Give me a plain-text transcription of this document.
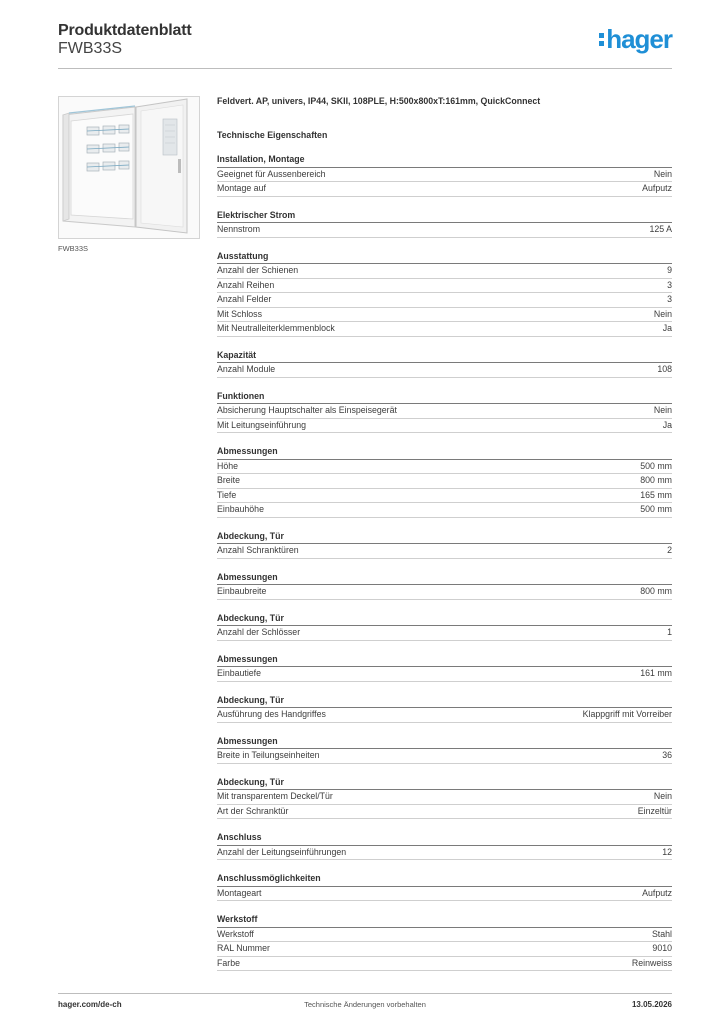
Produktdatenblatt
FWB33S	hager
FWB33S
Feldvert. AP, univers, IP44, SKII, 108PLE, H:500x800xT:161mm, QuickConnect
Technische Eigenschaften
Installation, Montage
Geeignet für Aussenbereich	Nein
Montage auf	Aufputz
Elektrischer Strom
Nennstrom	125 A
Ausstattung
Anzahl der Schienen	9
Anzahl Reihen	3
Anzahl Felder	3
Mit Schloss	Nein
Mit Neutralleiterklemmenblock	Ja
Kapazität
Anzahl Module	108
Funktionen
Absicherung Hauptschalter als Einspeisegerät	Nein
Mit Leitungseinführung	Ja
Abmessungen
Höhe	500 mm
Breite	800 mm
Tiefe	165 mm
Einbauhöhe	500 mm
Abdeckung, Tür
Anzahl Schranktüren	2
Abmessungen
Einbaubreite	800 mm
Abdeckung, Tür
Anzahl der Schlösser	1
Abmessungen
Einbautiefe	161 mm
Abdeckung, Tür
Ausführung des Handgriffes	Klappgriff mit Vorreiber
Abmessungen
Breite in Teilungseinheiten	36
Abdeckung, Tür
Mit transparentem Deckel/Tür	Nein
Art der Schranktür	Einzeltür
Anschluss
Anzahl der Leitungseinführungen	12
Anschlussmöglichkeiten
Montageart	Aufputz
Werkstoff
Werkstoff	Stahl
RAL Nummer	9010
Farbe	Reinweiss
hager.com/de-ch	Technische Änderungen vorbehalten	13.05.2026
